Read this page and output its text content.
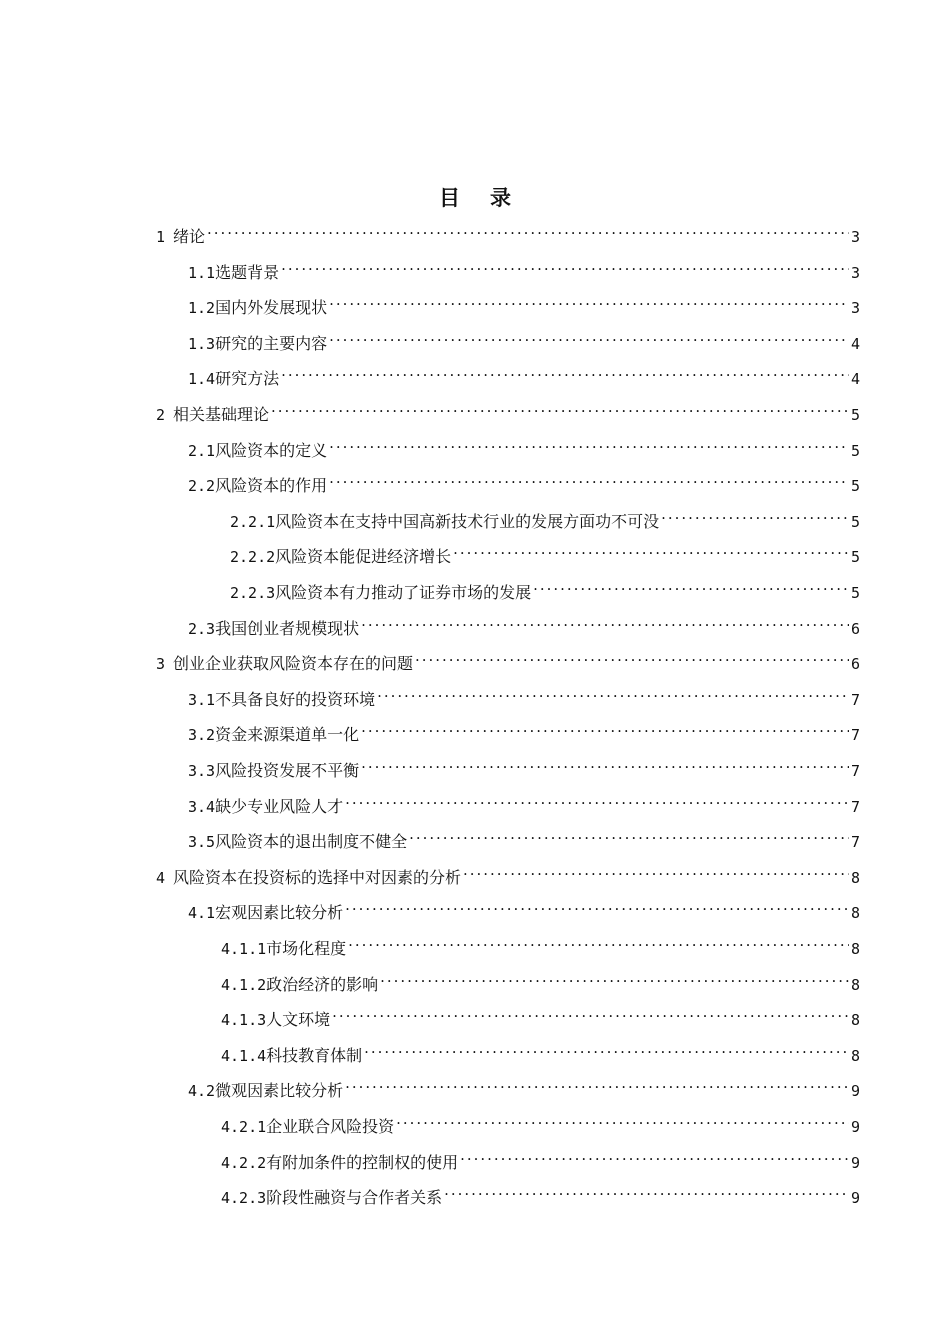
目 录
1 绪论 . . .	3
1.1 选题背景 . . .	3
1.2 国内外发展现状 . . .	3
1.3 研究的主要内容 . . .	4
1.4 研究方法 . . .	4
2 相关基础理论 . . .	5
2.1 风险资本的定义 . . .	5
2.2 风险资本的作用 . . .	5
2.2.1 风险资本在支持中国高新技术行业的发展方面功不可没 . . .	5
2.2.2 风险资本能促进经济增长 . . .	5
2.2.3 风险资本有力推动了证券市场的发展 . . .	5
2.3 我国创业者规模现状 . . .	6
3 创业企业获取风险资本存在的问题 . . .	6
3.1 不具备良好的投资环境 . . .	7
3.2 资金来源渠道单一化 . . .	7
3.3 风险投资发展不平衡 . . .	7
3.4 缺少专业风险人才 . . .	7
3.5 风险资本的退出制度不健全 . . .	7
4 风险资本在投资标的选择中对因素的分析 . . .	8
4.1 宏观因素比较分析 . . .	8
4.1.1 市场化程度 . . .	8
4.1.2 政治经济的影响 . . .	8
4.1.3 人文环境 . . .	8
4.1.4 科技教育体制 . . .	8
4.2 微观因素比较分析 . . .	9
4.2.1 企业联合风险投资 . . .	9
4.2.2 有附加条件的控制权的使用 . . .	9
4.2.3 阶段性融资与合作者关系 . . .	9
